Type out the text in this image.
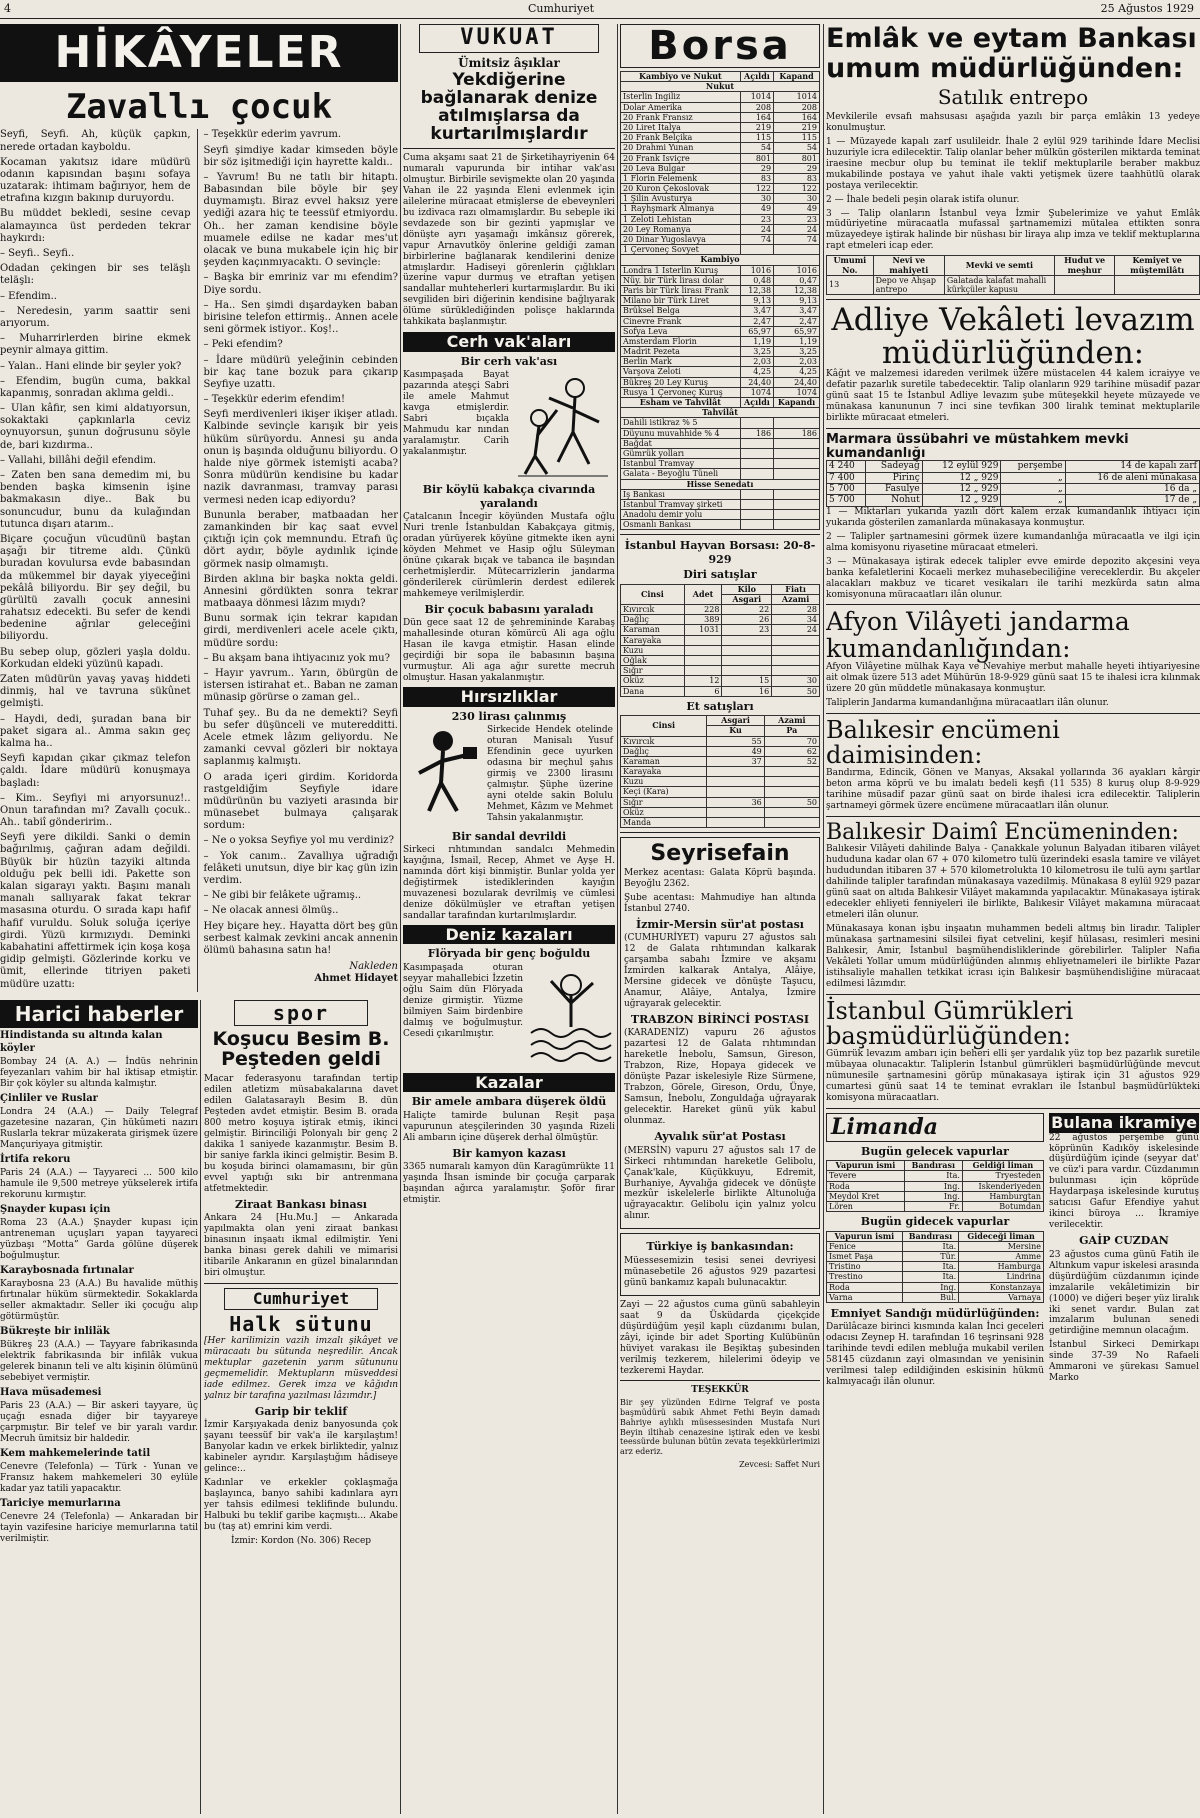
4	Cumhuriyet	25 Ağustos 1929
HİKÂYELER
Zavallı çocuk

Seyfi, Seyfi. Ah, küçük çapkın, nerede ortadan kayboldu.

Kocaman yakıtsız idare müdürü odanın kapısından başını sofaya uzatarak: ihtimam bağırıyor, hem de etrafına kızgın bakınıp duruyordu.

Bu müddet bekledi, sesine cevap alamayınca üst perdeden tekrar haykırdı:

– Seyfi.. Seyfi..

Odadan çekingen bir ses teläşlı teläşlı:

– Efendim..

– Neredesin, yarım saattir seni arıyorum.

– Muharrirlerden birine ekmek peynir almaya gittim.

– Yalan.. Hani elinde bir şeyler yok?

– Efendim, bugün cuma, bakkal kapanmış, sonradan aklıma geldi..

– Ulan kâfir, sen kimi aldatıyorsun, sokaktaki çapkınlarla ceviz oynuyorsun, şunun doğrusunu söyle de, bari kızdırma..

– Vallahi, billâhi değil efendim.

– Zaten ben sana demedim mi, bu benden başka kimsenin işine bakmakasın diye.. Bak bu sonuncudur, bunu da kulağından tutunca dışarı atarım..

Biçare çocuğun vücudünü baştan aşağı bir titreme aldı. Çünkü buradan kovulursa evde babasından da mükemmel bir dayak yiyeceğini pekâlâ biliyordu. Bir şey değil, bu gürültü zavallı çocuk annesini rahatsız edecekti. Bu sefer de kendi bedenine ağrılar geleceğini biliyordu.

Bu sebep olup, gözleri yaşla doldu. Korkudan eldeki yüzünü kapadı.

Zaten müdürün yavaş yavaş hiddeti dinmiş, hal ve tavruna sükûnet gelmişti.

– Haydi, dedi, şuradan bana bir paket sigara al.. Amma sakın geç kalma ha..

Seyfi kapıdan çıkar çıkmaz telefon çaldı. İdare müdürü konuşmaya başladı:

– Kim.. Seyfiyi mi arıyorsunuz!.. Onun tarafından mı? Zavallı çocuk.. Ah.. tabiî gönderirim..

Seyfi yere dikildi. Sanki o demin bağırılmış, çağıran adam değildi. Büyük bir hüzün tazyiki altında olduğu pek belli idi. Pakette son kalan sigarayı yaktı. Başını manalı manalı sallıyarak fakat tekrar masasına oturdu. O sırada kapı hafif hafif vuruldu. Soluk soluğa içeriye girdi. Yüzü kırmızıydı. Deminki kabahatini affettirmek için koşa koşa gidip gelmişti. Gözlerinde korku ve ümit, ellerinde titriyen paketi müdüre uzattı:

– Teşekkür ederim yavrum.

Seyfi şimdiye kadar kimseden böyle bir söz işitmediği için hayrette kaldı..

– Yavrum! Bu ne tatlı bir hitaptı. Babasından bile böyle bir şey duymamıştı. Biraz evvel haksız yere yediği azara hiç te teessüf etmiyordu. Oh.. her zaman kendisine böyle muamele edilse ne kadar mes'ut olacak ve buna mukabele için hiç bir şeyden kaçınmıyacaktı. O sevinçle:

– Başka bir emriniz var mı efendim? Diye sordu.

– Ha.. Sen şimdi dışardayken baban birisine telefon ettirmiş.. Annen acele seni görmek istiyor.. Koş!..

– Peki efendim?

– İdare müdürü yeleğinin cebinden bir kaç tane bozuk para çıkarıp Seyfiye uzattı.

– Teşekkür ederim efendim!

Seyfi merdivenleri ikişer ikişer atladı. Kalbinde sevinçle karışık bir yeis hüküm sürüyordu. Annesi şu anda onun iş başında olduğunu biliyordu. O halde niye görmek istemişti acaba? Sonra müdürün kendisine bu kadar nazik davranması, tramvay parası vermesi neden icap ediyordu?

Bununla beraber, matbaadan her zamankinden bir kaç saat evvel çıktığı için çok memnundu. Etrafı üç dört aydır, böyle aydınlık içinde görmek nasip olmamıştı.

Birden aklına bir başka nokta geldi. Annesini gördükten sonra tekrar matbaaya dönmesi lâzım mıydı?

Bunu sormak için tekrar kapıdan girdi, merdivenleri acele acele çıktı, müdüre sordu:

– Bu akşam bana ihtiyacınız yok mu?

– Hayır yavrum.. Yarın, öbürgün de istersen istirahat et.. Baban ne zaman münasip görürse o zaman gel..

Tuhaf şey.. Bu da ne demekti? Seyfi bu sefer düşünceli ve muteredditti. Acele etmek lâzım geliyordu. Ne zamanki cevval gözleri bir noktaya saplanmış kalmıştı.

O arada içeri girdim. Koridorda rastgeldiğim Seyfiyle idare müdürünün bu vaziyeti arasında bir münasebet bulmaya çalışarak sordum:

– Ne o yoksa Seyfiye yol mu verdiniz?

– Yok canım.. Zavallıya uğradığı felâketi unutsun, diye bir kaç gün izin verdim.

– Ne gibi bir felâkete uğramış..

– Ne olacak annesi ölmüş..

Hey biçare hey.. Hayatta dört beş gün serbest kalmak zevkini ancak annenin ölümü bahasına satın ha!

Nakleden
Ahmet Hidayet
Harici haberler
Hindistanda su altında kalan köyler

Bombay 24 (A. A.) — İndüs nehrinin feyezanları vahim bir hal iktisap etmiştir. Bir çok köyler su altında kalmıştır.

Çinliler ve Ruslar

Londra 24 (A.A.) — Daily Telegraf gazetesine nazaran, Çin hükûmeti nazırı Ruslarla tekrar müzakerata girişmek üzere Mançuriyaya gitmiştir.

İrtifa rekoru

Paris 24 (A.A.) — Tayyareci ... 500 kilo hamule ile 9,500 metreye yükselerek irtifa rekorunu kırmıştır.

Şnayder kupası için

Roma 23 (A.A.) Şnayder kupası için antreneman uçuşları yapan tayyareci yüzbaşı “Motta” Garda gölüne düşerek boğulmuştur.

Karaybosnada fırtınalar

Karaybosna 23 (A.A.) Bu havalide müthiş fırtınalar hüküm sürmektedir. Sokaklarda seller akmaktadır. Seller iki çocuğu alıp götürmüştür.

Bükreşte bir inliläk

Bükreş 23 (A.A.) — Tayyare fabrikasında elektrik fabrikasında bir infilâk vukua gelerek binanın teli ve altı kişinin ölümünü sebebiyet vermiştir.

Hava müsademesi

Paris 23 (A.A.) — Bir askeri tayyare, üç uçağı esnada diğer bir tayyareye çarpmıştır. Bir telef ve bir yaralı vardır. Mecruh ümitsiz bir haldedir.

Kem mahkemelerinde tatil

Cenevre (Telefonla) — Türk - Yunan ve Fransız hakem mahkemeleri 30 eylüle kadar yaz tatili yapacaktır.

Tariciye memurlarına

Cenevre 24 (Telefonla) — Ankaradan bir tayin vazifesine hariciye memurlarına tatil verilmiştir.

spor
Koşucu Besim B. Peşteden geldi

Macar federasyonu tarafından tertip edilen atletizm müsabakalarına davet edilen Galatasaraylı Besim B. dün Peşteden avdet etmiştir. Besim B. orada 800 metro koşuya iştirak etmiş, ikinci gelmiştir. Birinciliği Polonyalı bir genç 2 dakika 1 saniyede kazanmıştır. Besim B. bir saniye farkla ikinci gelmiştir. Besim B. bu koşuda birinci olamamasını, bir gün evvel yaptığı sıkı bir antrenmana atfetmektedir.

Ziraat Bankası binası

Ankara 24 [Hu.Mu.] — Ankarada yapılmakta olan yeni ziraat bankası binasının inşaatı ikmal edilmiştir. Yeni banka binası gerek dahili ve mimarisi itibarile Ankaranın en güzel binalarından biri olmuştur.

Cumhuriyet
Halk sütunu

[Her karilimizin vazih imzalı şikâyet ve müracaatı bu sütunda neşredilir. Ancak mektuplar gazetenin yarım sütununu geçmemelidir. Mektupların müsveddesi iade edilmez. Gerek imza ve kâğıdın yalnız bir tarafına yazılması lâzımdır.]

Garip bir teklif

İzmir Karşıyakada deniz banyosunda çok şayanı teessüf bir vak'a ile karşılaştım! Banyolar kadın ve erkek birliktedir, yalnız kabineler ayrıdır. Karşılaştığım hâdiseye gelince:..

Kadınlar ve erkekler çoklaşmağa başlayınca, banyo sahibi kadınlara ayrı yer tahsis edilmesi teklifinde bulundu. Halbuki bu teklif garibe kaçmıştı... Akabe bu (taş at) emrini kim verdi.

İzmir: Kordon (No. 306) Recep
VUKUAT
Ümitsiz âşıklar
Yekdiğerine bağlanarak denize atılmışlarsa da kurtarılmışlardır

Cuma akşamı saat 21 de Şirketihayriyenin 64 numaralı vapurunda bir intihar vak'ası olmuştur. Birbirile sevişmekte olan 20 yaşında Vahan ile 22 yaşında Eleni evlenmek için ailelerine müracaat etmişlerse de ebeveynleri bu izdivaca razı olmamışlardır. Bu sebeple iki sevdazede son bir gezinti yapmışlar ve dönüşte ayrı yaşamağı imkânsız görerek, vapur Arnavutköy önlerine geldiği zaman birbirlerine bağlanarak kendilerini denize atmışlardır. Hadiseyi görenlerin çığlıkları üzerine vapur durmuş ve etraftan yetişen sandallar muhteherleri kurtarmışlardır. Bu iki sevgiliden biri diğerinin kendisine bağlıyarak ölüme sürüklediğinden polisçe haklarında tahkikata başlanmıştır.

Cerh vak'aları
Bir cerh vak'ası

Kasımpaşada Bayat pazarında ateşçi Sabri ile amele Mahmut kavga etmişlerdir. Sabri bıçakla Mahmudu kar nından yaralamıştır. Carih yakalanmıştır.

Bir köylü kabakça civarında yaralandı

Çatalcanın İncegir köyünden Mustafa oğlu Nuri trenle İstanbuldan Kabakçaya gitmiş, oradan yürüyerek köyüne gitmekte iken ayni köyden Mehmet ve Hasip oğlu Süleyman önüne çıkarak bıçak ve tabanca ile başından cerhetmişlerdir. Mütecarrizlerin jandarma gönderilerek cürümlerin derdest edilerek mahkemeye verilmişlerdir.

Bir çocuk babasını yaraladı

Dün gece saat 12 de şehremininde Karabaş mahallesinde oturan kömürcü Ali aga oğlu Hasan ile kavga etmiştir. Hasan elinde geçirdiği bir sopa ile babasının başına vurmuştur. Ali aga ağır surette mecruh olmuştur. Hasan yakalanmıştır.

Hırsızlıklar
230 lirası çalınmış

Sirkecide Hendek otelinde oturan Manisalı Yusuf Efendinin gece uyurken odasına bir meçhul şahıs girmiş ve 2300 lirasını çalmıştır. Şüphe üzerine ayni otelde sakin Bolulu Mehmet, Kâzım ve Mehmet Tahsin yakalanmıştır.

Bir sandal devrildi

Sirkeci rıhtımından sandalcı Mehmedin kayığına, İsmail, Recep, Ahmet ve Ayşe H. namında dört kişi binmiştir. Bunlar yolda yer değiştirmek istediklerinden kayığın muvazenesi bozularak devrilmiş ve cümlesi denize dökülmüşler ve etraftan yetişen sandallar tarafından kurtarılmışlardır.

Deniz kazaları
Flöryada bir genç boğuldu

Kasımpaşada oturan seyyar mahallebici İzzetin oğlu Saim dün Flöryada denize girmiştir. Yüzme bilmiyen Saim birdenbire dalmış ve boğulmuştur. Cesedi çıkarılmıştır.

Kazalar
Bir amele ambara düşerek öldü

Haliçte tamirde bulunan Reşit paşa vapurunun ateşçilerinden 30 yaşında Rizeli Ali ambarın içine düşerek derhal ölmüştür.

Bir kamyon kazası

3365 numaralı kamyon dün Karagümrükte 11 yaşında İhsan isminde bir çocuğa çarparak başından ağırca yaralamıştır. Şoför firar etmiştir.

Borsa
Kambiyo ve Nukut	Açıldı	Kapand
Nukut		
İsterlin İngiliz	1014	1014
Dolar Amerika	208	208
20 Frank Fransız	164	164
20 Liret İtalya	219	219
20 Frank Belçika	115	115
20 Drahmi Yunan	54	54
20 Frank İsviçre	801	801
20 Leva Bulgar	29	29
1 Florin Felemenk	83	83
20 Kuron Çekoslovak	122	122
1 Şilin Avusturya	30	30
1 Rayhşmark Almanya	49	49
1 Zeloti Lehistan	23	23
20 Ley Romanya	24	24
20 Dinar Yugoslavya	74	74
1 Çervoneç Sovyet		
Kambiyo		
Londra 1 İsterlin Kuruş	1016	1016
Nüy. bir Türk lirası dolar	0,48	0,47
Paris bir Türk lirası Frank	12,38	12,38
Milano bir Türk Liret	9,13	9,13
Brüksel Belga	3,47	3,47
Cinevre Frank	2,47	2,47
Sofya Leva	65,97	65,97
Amsterdam Florin	1,19	1,19
Madrit Pezeta	3,25	3,25
Berlin Mark	2,03	2,03
Varşova Zeloti	4,25	4,25
Bükreş 20 Ley Kuruş	24,40	24,40
Rusya 1 Çervoneç Kuruş	1074	1074
Esham ve Tahvilât	Açıldı	Kapandı
Tahvilât		
Dahili istikraz % 5		
Düyunu muvahhide % 4	186	186
Bağdat		
Gümrük yolları		
İstanbul Tramvay		
Galata - Beyoğlu Tüneli		
Hisse Senedatı		
İş Bankası		
İstanbul Tramvay şirketi		
Anadolu demir yolu		
Osmanlı Bankası		
İstanbul Hayvan Borsası: 20-8-929
Diri satışlar
Cinsi	Adet	Kilo	Fiatı
		Asgari	Azami
Kıvırcık	228	22	28
Dağlıç	389	26	34
Karaman	1031	23	24
Karayaka			
Kuzu			
Oğlak			
Sığır			
Öküz	12	15	30
Dana	6	16	50
Et satışları
Cinsi	Asgari	Azami
	Ku	Pa
Kıvırcık	55	70
Dağlıç	49	62
Karaman	37	52
Karayaka		
Kuzu		
Keçi (Kara)		
Sığır	36	50
Öküz		
Manda		
Seyrisefain

Merkez acentası: Galata Köprü başında. Beyoğlu 2362.

Şube acentası: Mahmudiye han altında İstanbul 2740.

İzmir-Mersin sür'at postası

(CUMHURİYET) vapuru 27 ağustos salı 12 de Galata rıhtımından kalkarak çarşamba sabahı İzmire ve akşamı İzmirden kalkarak Antalya, Alâiye, Mersine gidecek ve dönüşte Taşucu, Anamur, Alâiye, Antalya, İzmire uğrayarak gelecektir.

TRABZON BİRİNCİ POSTASI

(KARADENİZ) vapuru 26 ağustos pazartesi 12 de Galata rıhtımından hareketle İnebolu, Samsun, Gireson, Trabzon, Rize, Hopaya gidecek ve dönüşte Pazar iskelesiyle Rize Sürmene, Trabzon, Görele, Gireson, Ordu, Ünye, Samsun, İnebolu, Zonguldağa uğrayarak gelecektir. Hareket günü yük kabul olunmaz.

Ayvalık sür'at Postası

(MERSİN) vapuru 27 ağustos salı 17 de Sirkeci rıhtımından hareketle Gelibolu, Çanak'kale, Küçükkuyu, Edremit, Burhaniye, Ayvalığa gidecek ve dönüşte mezkûr iskelelerle birlikte Altunoluğa uğrayacaktır. Gelibolu için yalnız yolcu alınır.

Türkiye iş bankasından:

Müessesemizin tesisi senei devriyesi münasebetile 26 ağustos 929 pazartesi günü bankamız kapalı bulunacaktır.

Zayi — 22 ağustos cuma günü sabahleyin saat 9 da Üsküdarda çiçekçide düşürdüğüm yeşil kaplı cüzdanımı bulan, zâyi, içinde bir adet Sporting Kulübünün hüviyet varakası ile Beşiktaş şubesinden verilmiş tezkerem, hilelerimi ödeyip ve tezkeremi Haydar.

TEŞEKKÜR

Bir şey yüzünden Edirne Telgraf ve posta başmüdürü sabık Ahmet Fethi Beyin damadı Bahriye aylıklı müsessesinden Mustafa Nuri Beyin iltihab cenazesine iştirak eden ve kesbi teessürde bulunan bütün zevata teşekkürlerimizi arz ederiz.

Zevcesi: Saffet Nuri
Emlâk ve eytam Bankası umum müdürlüğünden:
Satılık entrepo

Mevkilerile evsafı mahsusası aşağıda yazılı bir parça emlâkin 13 yedeye konulmuştur.

1 — Müzayede kapalı zarf usulileidr. İhale 2 eylül 929 tarihinde İdare Meclisi huzuriyle icra edilecektir. Talip olanlar beher mülkün gösterilen miktarda teminat iraesine mecbur olup bu teminat ile teklif mektuplarile beraber makbuz mukabilinde postaya ve yahut ihale vakti yetişmek üzere taahhütlü olarak postaya verilecektir.

2 — İhale bedeli peşin olarak istifa olunur.

3 — Talip olanların İstanbul veya İzmir Şubelerimize ve yahut Emlâk müdüriyetine müracaatla mufassal şartnamemizi mütalea ettikten sonra müzayedeye iştirak halinde bir nüshası bir liraya alıp imza ve teklif mektuplarına rapt etmeleri icap eder.

Umumi No.	Nevi ve mahiyeti	Mevki ve semti	Hudut ve meşhur	Kemiyet ve müştemilâtı
13	Depo ve Ahşap antrepo	Galatada kalafat mahalli kürkçüler kapusu		
Adliye Vekâleti levazım müdürlüğünden:

Kâğıt ve malzemesi idareden verilmek üzere müstacelen 44 kalem icraiyye ve defatir pazarlık suretile tabedecektir. Talip olanların 929 tarihine müsadif pazar günü saat 15 te İstanbul Adliye levazım şube müteşekkil heyete müzayede ve münakasa kanununun 7 inci sine tevfikan 300 liralık teminat mektuplarile birlikte müracaat etmeleri.

Marmara üssübahri ve müstahkem mevki kumandanlığı
4 240	Sadeyağ	12 eylül 929	perşembe	14 de kapalı zarf
7 400	Pirinç	12 „ 929	„	16 de aleni münakasa
5 700	Fasulye	12 „ 929	„	16 da „
5 700	Nohut	12 „ 929	„	17 de „

1 — Miktarları yukarıda yazılı dört kalem erzak kumandanlık ihtiyacı için yukarıda gösterilen zamanlarda münakasaya konmuştur.

2 — Talipler şartnamesini görmek üzere kumandanlığa müracaatla ve ilgi için alma komisyonu riyasetine müracaat etmeleri.

3 — Münakasaya iştirak edecek talipler evve emirde depozito akçesini veya banka kefaletlerini Kocaeli merkez muhasebeciliğine vereceklerdir. Bu akçeler alacakları makbuz ve ticaret vesikaları ile tarihi mezkûrda satın alma komisyonuna müracaatları ilân olunur.

Afyon Vilâyeti jandarma kumandanlığından:

Afyon Vilâyetine mülhak Kaya ve Nevahiye merbut mahalle heyeti ihtiyariyesine ait olmak üzere 513 adet Mühürün 18-9-929 günü saat 15 te ihalesi icra kılınmak üzere 20 gün müddetle münakasaya konmuştur.

Taliplerin Jandarma kumandanlığına müracaatları ilân olunur.

Balıkesir encümeni daimisinden:

Bandırma, Edincik, Gönen ve Manyas, Aksakal yollarında 36 ayakları kârgir beton arma köprü ve bu imalatı bedeli keşfi (11 535) 8 kuruş olup 8-9-929 tarihine müsadif pazar günü saat on birde ihalesi icra edilecektir. Taliplerin şartnameyi görmek üzere encümene müracaatları ilân olunur.

Balıkesir Daimî Encümeninden:

Balıkesir Vilâyeti dahilinde Balya - Çanakkale yolunun Balyadan itibaren vilâyet hududuna kadar olan 67 + 070 kilometro tulü üzerindeki esasla tamire ve vilâyet hududundan itibaren 37 + 570 kilometrolukta 10 kilometrosu ile tulü aynı şartlar dahilinde talipler tarafından münakasaya vazedilmiş. Münakasa 8 eylül 929 pazar günü saat on altıda Balıkesir Vilâyet makamında yapılacaktır. Münakasaya iştirak edecekler ehliyeti fenniyeleri ile birlikte, Balıkesir Vilâyet makamına müracaat etmeleri ilân olunur.

Münakasaya konan işbu inşaatın muhammen bedeli altmış bin liradır. Talipler münakasa şartnamesini silsilei fiyat cetvelini, keşif hülasası, resimleri mesini Balıkesir, Amir, İstanbul başmühendisliklerinde görebilirler. Talipler Nafia Vekâleti Yollar umum müdürlüğünden alınmış ehliyetnameleri ile birlikte Pazar istihsaliyle mahallen tetkikat icrası için Balıkesir başmühendisliğine müracaat edilmesi lâzımdır.

İstanbul Gümrükleri başmüdürlüğünden:

Gümrük levazım ambarı için beheri elli şer yardalık yüz top bez pazarlık suretile mübayaa olunacaktır. Taliplerin İstanbul gümrükleri başmüdürlüğünde mevcut nümunesile şartnamesini görüp münakasaya iştirak için 31 ağustos 929 cumartesi günü saat 14 te teminat evrakları ile İstanbul başmüdürlükteki komisyona müracaatları.

Limanda
Bugün gelecek vapurlar
Vapurun ismi	Bandırası	Geldiği liman
Tevere	İta.	Tryesteden
Roda	İng.	İskenderiyeden
Meydol Kret	İng.	Hamburgtan
Lören	Fr.	Botumdan
Bugün gidecek vapurlar
Vapurun ismi	Bandırası	Gideceği liman
Fenice	İta.	Mersine
İsmet Paşa	Tür.	Amme
Tristino	İta.	Hamburga
Trestino	İta.	Lindrina
Roda	İng.	Konstanzaya
Varna	Bul.	Varnaya
Emniyet Sandığı müdürlüğünden:

Darülâcaze birinci kısmında kalan İnci geceleri odacısı Zeynep H. tarafından 16 teşrinsani 928 tarihinde tevdi edilen mebluğa mukabil verilen 58145 cüzdanın zayi olmasından ve yenisinin verilmesi talep edildiğinden eskisinin hükmü kalmıyacağı ilân olunur.

Bulana ikramiye

22 ağustos perşembe günü köprünün Kadıköy iskelesinde düşürdüğüm içinde (seyyar dat' ve cüz'i para vardır. Cüzdanımın bulunması için köprüde Haydarpaşa iskelesinde kurutuş satıcısı Gafur Efendiye yahut ikinci büroya ... İkramiye verilecektir.

GAİP CUZDAN

23 ağustos cuma günü Fatih ile Altınkum vapur iskelesi arasında düşürdüğüm cüzdanımın içinde imzalarile vekâletimizin bir (1000) ve diğeri beşer yüz liralık iki senet vardır. Bulan zat imzalarım bulunan senedi getirdiğine memnun olacağım.

İstanbul Sirkeci Demirkapı sinde 37-39 No Rafaeli Ammaroni ve şürekası Samuel Marko
